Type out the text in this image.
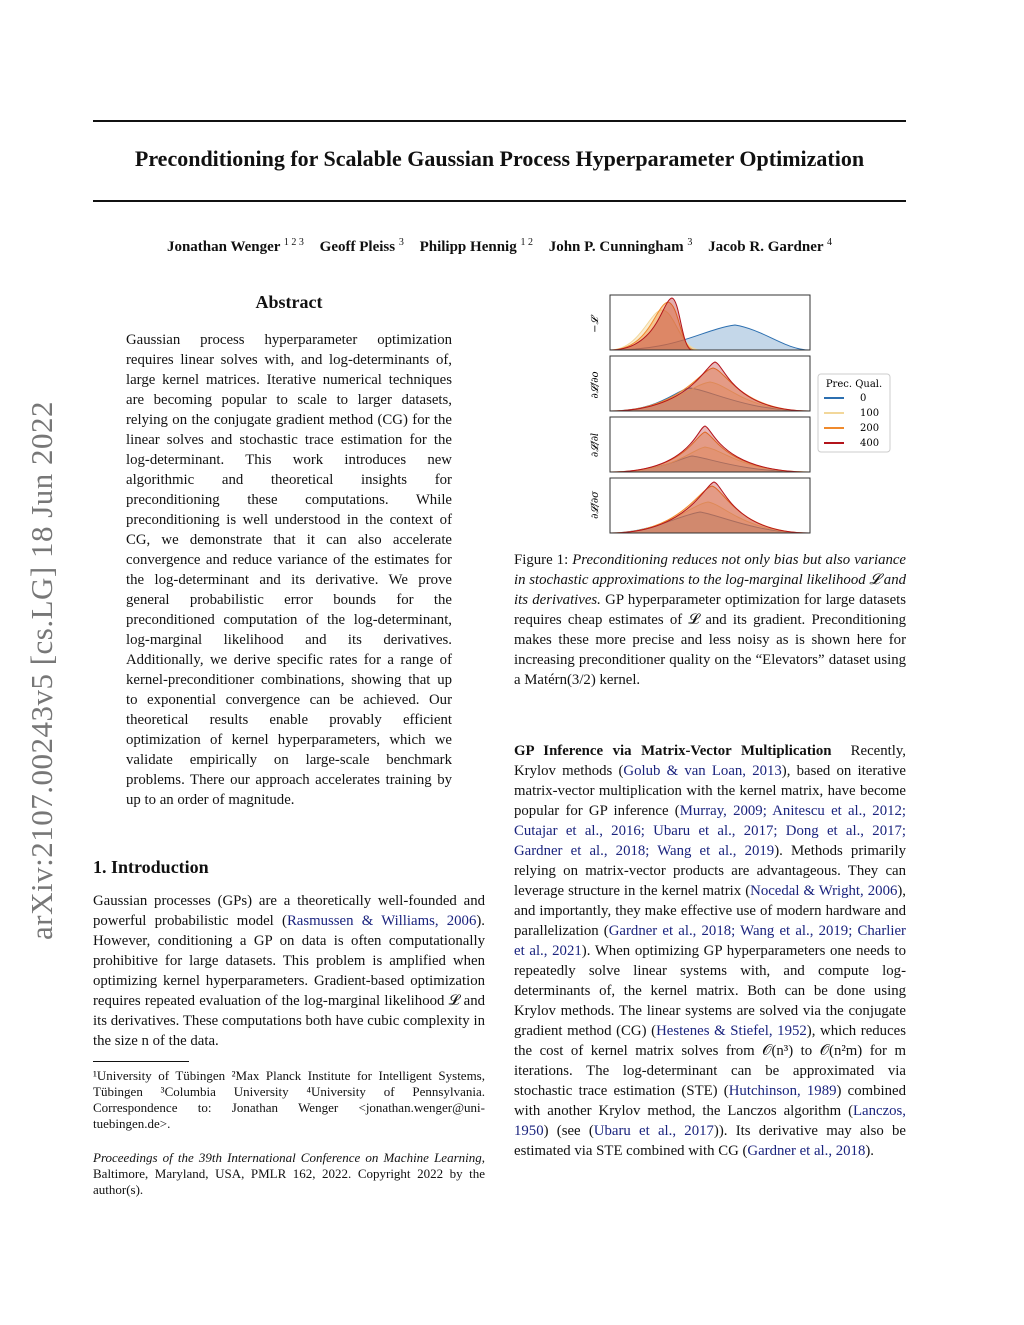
arXiv:2107.00243v5 [cs.LG] 18 Jun 2022
Preconditioning for Scalable Gaussian Process Hyperparameter Optimization
Jonathan Wenger $^{1 2 3}$ Geoff Pleiss $^3$ Philipp Hennig $^{1 2}$ John P. Cunningham $^3$ Jacob R. Gardner $^4$
Abstract
Gaussian process hyperparameter optimization requires linear solves with, and log-determinants of, large kernel matrices. Iterative numerical techniques are becoming popular to scale to larger datasets, relying on the conjugate gradient method (CG) for the linear solves and stochastic trace estimation for the log-determinant. This work introduces new algorithmic and theoretical insights for preconditioning these computations. While preconditioning is well understood in the context of CG, we demonstrate that it can also accelerate convergence and reduce variance of the estimates for the log-determinant and its derivative. We prove general probabilistic error bounds for the preconditioned computation of the log-determinant, log-marginal likelihood and its derivatives. Additionally, we derive specific rates for a range of kernel-preconditioner combinations, showing that up to exponential convergence can be achieved. Our theoretical results enable provably efficient optimization of kernel hyperparameters, which we validate empirically on large-scale benchmark problems. There our approach accelerates training by up to an order of magnitude.
1. Introduction
Gaussian processes (GPs) are a theoretically well-founded and powerful probabilistic model (Rasmussen & Williams, 2006). However, conditioning a GP on data is often computationally prohibitive for large datasets. This problem is amplified when optimizing kernel hyperparameters. Gradient-based optimization requires repeated evaluation of the log-marginal likelihood 𝓛 and its derivatives. These computations both have cubic complexity in the size n of the data.
¹University of Tübingen ²Max Planck Institute for Intelligent Systems, Tübingen ³Columbia University ⁴University of Pennsylvania. Correspondence to: Jonathan Wenger <jonathan.wenger@uni-tuebingen.de>.
Proceedings of the 39th International Conference on Machine Learning, Baltimore, Maryland, USA, PMLR 162, 2022. Copyright 2022 by the author(s).
−𝓛
∂𝓛/∂o
∂𝓛/∂l
∂𝓛/∂σ
Prec. Qual.
0
100
200
400
Figure 1: Preconditioning reduces not only bias but also variance in stochastic approximations to the log-marginal likelihood 𝓛 and its derivatives. GP hyperparameter optimization for large datasets requires cheap estimates of 𝓛 and its gradient. Preconditioning makes these more precise and less noisy as is shown here for increasing preconditioner quality on the “Elevators” dataset using a Matérn(3/2) kernel.
GP Inference via Matrix-Vector Multiplication Recently, Krylov methods (Golub & van Loan, 2013), based on iterative matrix-vector multiplication with the kernel matrix, have become popular for GP inference (Murray, 2009; Anitescu et al., 2012; Cutajar et al., 2016; Ubaru et al., 2017; Dong et al., 2017; Gardner et al., 2018; Wang et al., 2019). Methods primarily relying on matrix-vector products are advantageous. They can leverage structure in the kernel matrix (Nocedal & Wright, 2006), and importantly, they make effective use of modern hardware and parallelization (Gardner et al., 2018; Wang et al., 2019; Charlier et al., 2021). When optimizing GP hyperparameters one needs to repeatedly solve linear systems with, and compute log-determinants of, the kernel matrix. Both can be done using Krylov methods. The linear systems are solved via the conjugate gradient method (CG) (Hestenes & Stiefel, 1952), which reduces the cost of kernel matrix solves from 𝒪(n³) to 𝒪(n²m) for m iterations. The log-determinant can be approximated via stochastic trace estimation (STE) (Hutchinson, 1989) combined with another Krylov method, the Lanczos algorithm (Lanczos, 1950) (see (Ubaru et al., 2017)). Its derivative may also be estimated via STE combined with CG (Gardner et al., 2018).
